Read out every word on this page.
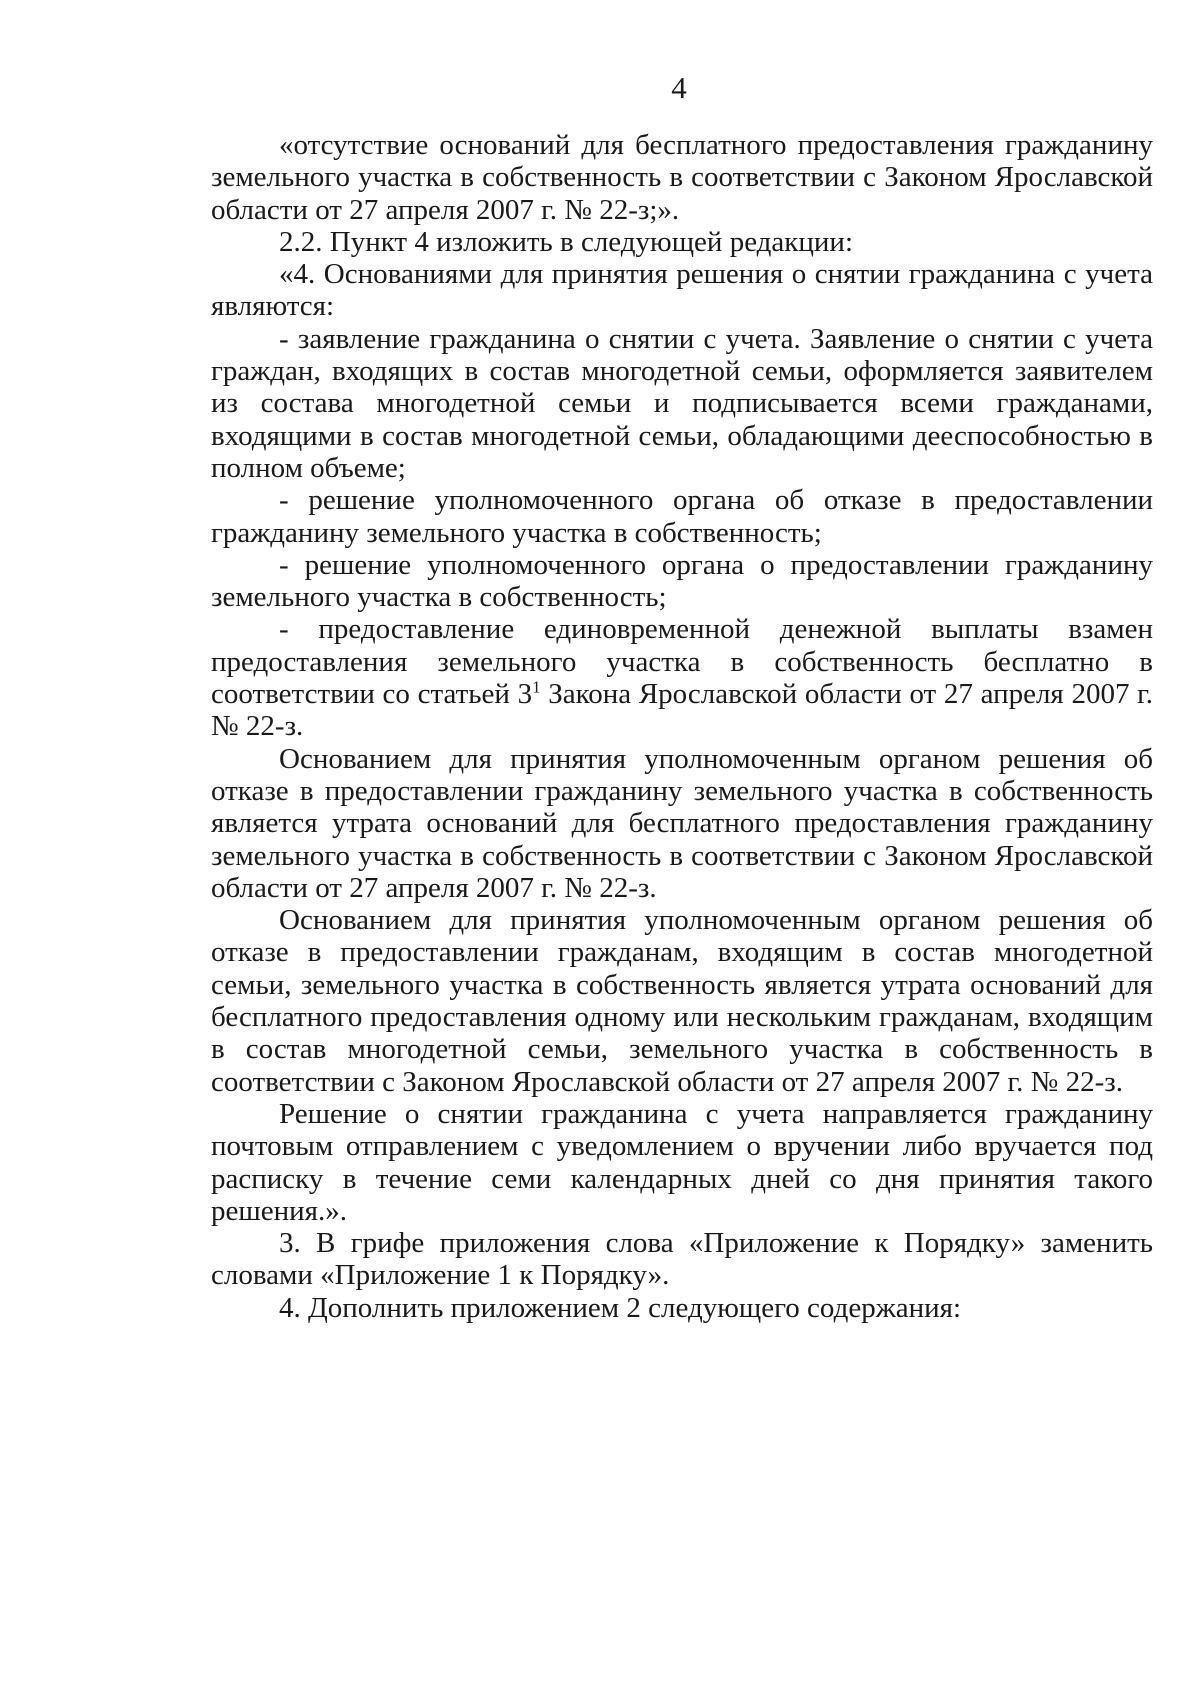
4

«отсутствие оснований для бесплатного предоставления гражданину земельного участка в собственность в соответствии с Законом Ярославской области от 27 апреля 2007 г. № 22-з;».

2.2. Пункт 4 изложить в следующей редакции:

«4. Основаниями для принятия решения о снятии гражданина с учета являются:

- заявление гражданина о снятии с учета. Заявление о снятии с учета граждан, входящих в состав многодетной семьи, оформляется заявителем из состава многодетной семьи и подписывается всеми гражданами, входящими в состав многодетной семьи, обладающими дееспособностью в полном объеме;

- решение уполномоченного органа об отказе в предоставлении гражданину земельного участка в собственность;

- решение уполномоченного органа о предоставлении гражданину земельного участка в собственность;

- предоставление единовременной денежной выплаты взамен предоставления земельного участка в собственность бесплатно в соответствии со статьей $3^1$ Закона Ярославской области от 27 апреля 2007 г. № 22-з.

Основанием для принятия уполномоченным органом решения об отказе в предоставлении гражданину земельного участка в собственность является утрата оснований для бесплатного предоставления гражданину земельного участка в собственность в соответствии с Законом Ярославской области от 27 апреля 2007 г. № 22-з.

Основанием для принятия уполномоченным органом решения об отказе в предоставлении гражданам, входящим в состав многодетной семьи, земельного участка в собственность является утрата оснований для бесплатного предоставления одному или нескольким гражданам, входящим в состав многодетной семьи, земельного участка в собственность в соответствии с Законом Ярославской области от 27 апреля 2007 г. № 22-з.

Решение о снятии гражданина с учета направляется гражданину почтовым отправлением с уведомлением о вручении либо вручается под расписку в течение семи календарных дней со дня принятия такого решения.».

3. В грифе приложения слова «Приложение к Порядку» заменить словами «Приложение 1 к Порядку».

4. Дополнить приложением 2 следующего содержания:
